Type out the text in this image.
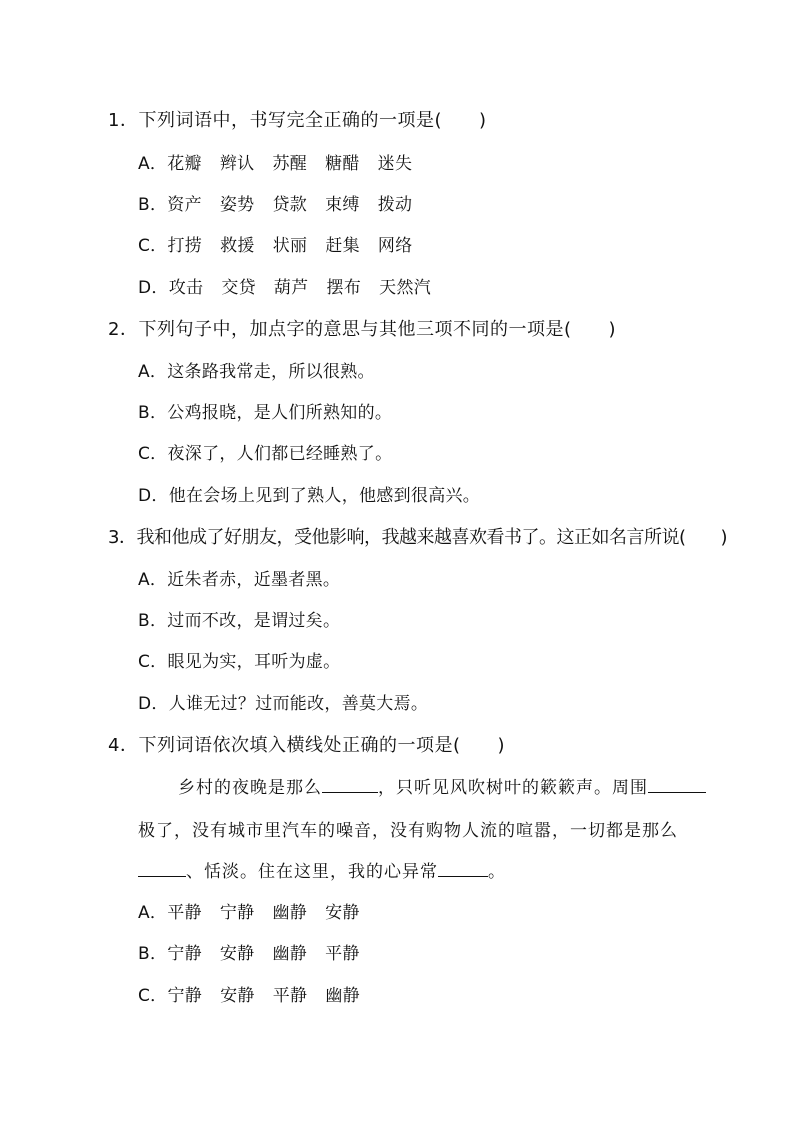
1．下列词语中，书写完全正确的一项是(　　)
A．花瓣 辫认 苏醒 糖醋 迷失
B．资产 姿势 贷款 束缚 拨动
C．打捞 救援 状丽 赶集 网络
D．攻击 交贷 葫芦 摆布 天然汽
2．下列句子中，加点字的意思与其他三项不同的一项是(　　)
A．这条路我常走，所以很熟。
B．公鸡报晓，是人们所熟知的。
C．夜深了，人们都已经睡熟了。
D．他在会场上见到了熟人，他感到很高兴。
3．我和他成了好朋友，受他影响，我越来越喜欢看书了。这正如名言所说(　　)
A．近朱者赤，近墨者黑。
B．过而不改，是谓过矣。
C．眼见为实，耳听为虚。
D．人谁无过？过而能改，善莫大焉。
4．下列词语依次填入横线处正确的一项是(　　)
乡村的夜晚是那么	，只听见风吹树叶的簌簌声。周围
极了，没有城市里汽车的噪音，没有购物人流的喧嚣，一切都是那么
、恬淡。住在这里，我的心异常	。
A．平静 宁静 幽静 安静
B．宁静 安静 幽静 平静
C．宁静 安静 平静 幽静
